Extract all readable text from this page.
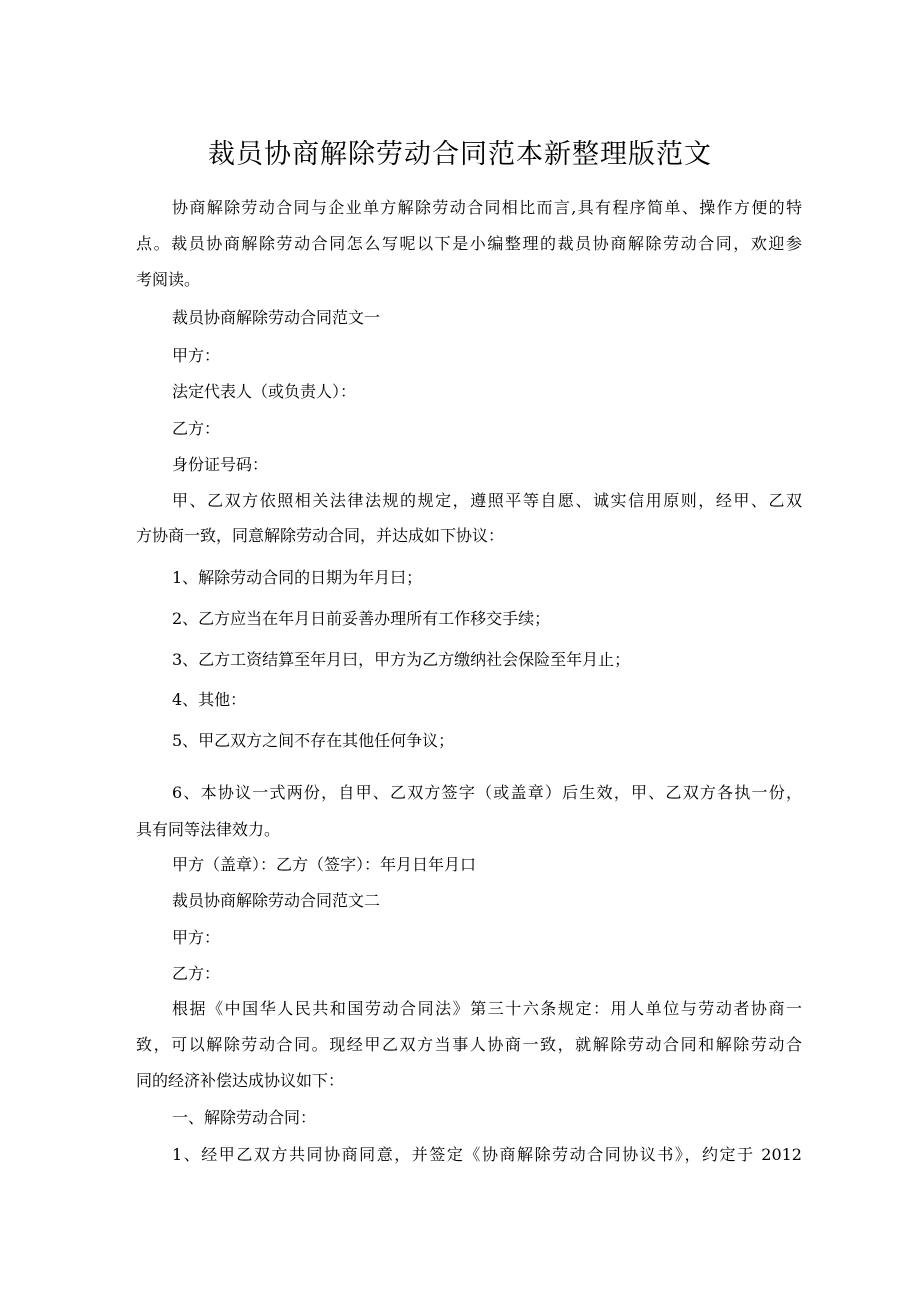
裁员协商解除劳动合同范本新整理版范文

协商解除劳动合同与企业单方解除劳动合同相比而言,具有程序简单、操作方便的特

点。裁员协商解除劳动合同怎么写呢以下是小编整理的裁员协商解除劳动合同，欢迎参

考阅读。

裁员协商解除劳动合同范文一

甲方：

法定代表人（或负责人）：

乙方：

身份证号码：

甲、乙双方依照相关法律法规的规定，遵照平等自愿、诚实信用原则，经甲、乙双

方协商一致，同意解除劳动合同，并达成如下协议：

1、解除劳动合同的日期为年月曰；

2、乙方应当在年月日前妥善办理所有工作移交手续；

3、乙方工资结算至年月曰，甲方为乙方缴纳社会保险至年月止；

4、其他：

5、甲乙双方之间不存在其他任何争议；

6、本协议一式两份，自甲、乙双方签字（或盖章）后生效，甲、乙双方各执一份，

具有同等法律效力。

甲方（盖章）：乙方（签字）：年月日年月口

裁员协商解除劳动合同范文二

甲方：

乙方：

根据《中国华人民共和国劳动合同法》第三十六条规定：用人单位与劳动者协商一

致，可以解除劳动合同。现经甲乙双方当事人协商一致，就解除劳动合同和解除劳动合

同的经济补偿达成协议如下：

一、解除劳动合同：

1、经甲乙双方共同协商同意，并签定《协商解除劳动合同协议书》，约定于 2012
